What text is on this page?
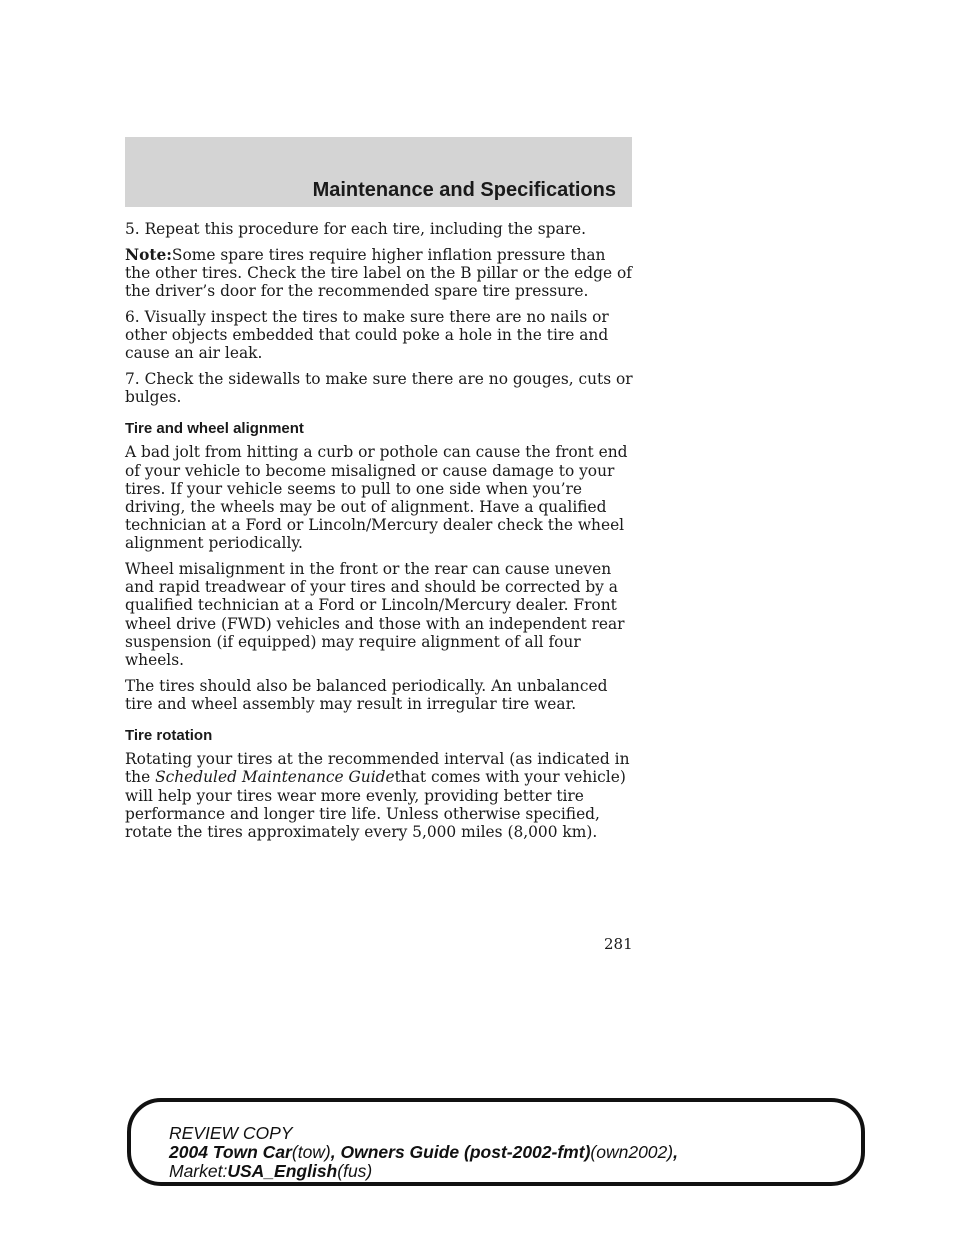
Maintenance and Specifications

5. Repeat this procedure for each tire, including the spare.

Note:Some spare tires require higher inflation pressure than the other tires. Check the tire label on the B pillar or the edge of the driver’s door for the recommended spare tire pressure.

6. Visually inspect the tires to make sure there are no nails or other objects embedded that could poke a hole in the tire and cause an air leak.

7. Check the sidewalls to make sure there are no gouges, cuts or bulges.

Tire and wheel alignment

A bad jolt from hitting a curb or pothole can cause the front end of your vehicle to become misaligned or cause damage to your tires. If your vehicle seems to pull to one side when you’re driving, the wheels may be out of alignment. Have a qualified technician at a Ford or Lincoln/Mercury dealer check the wheel alignment periodically.

Wheel misalignment in the front or the rear can cause uneven and rapid treadwear of your tires and should be corrected by a qualified technician at a Ford or Lincoln/Mercury dealer. Front wheel drive (FWD) vehicles and those with an independent rear suspension (if equipped) may require alignment of all four wheels.

The tires should also be balanced periodically. An unbalanced tire and wheel assembly may result in irregular tire wear.

Tire rotation

Rotating your tires at the recommended interval (as indicated in the Scheduled Maintenance Guidethat comes with your vehicle) will help your tires wear more evenly, providing better tire performance and longer tire life. Unless otherwise specified, rotate the tires approximately every 5,000 miles (8,000 km).

281
REVIEW COPY
2004 Town Car(tow), Owners Guide (post-2002-fmt)(own2002),
Market:USA_English(fus)
